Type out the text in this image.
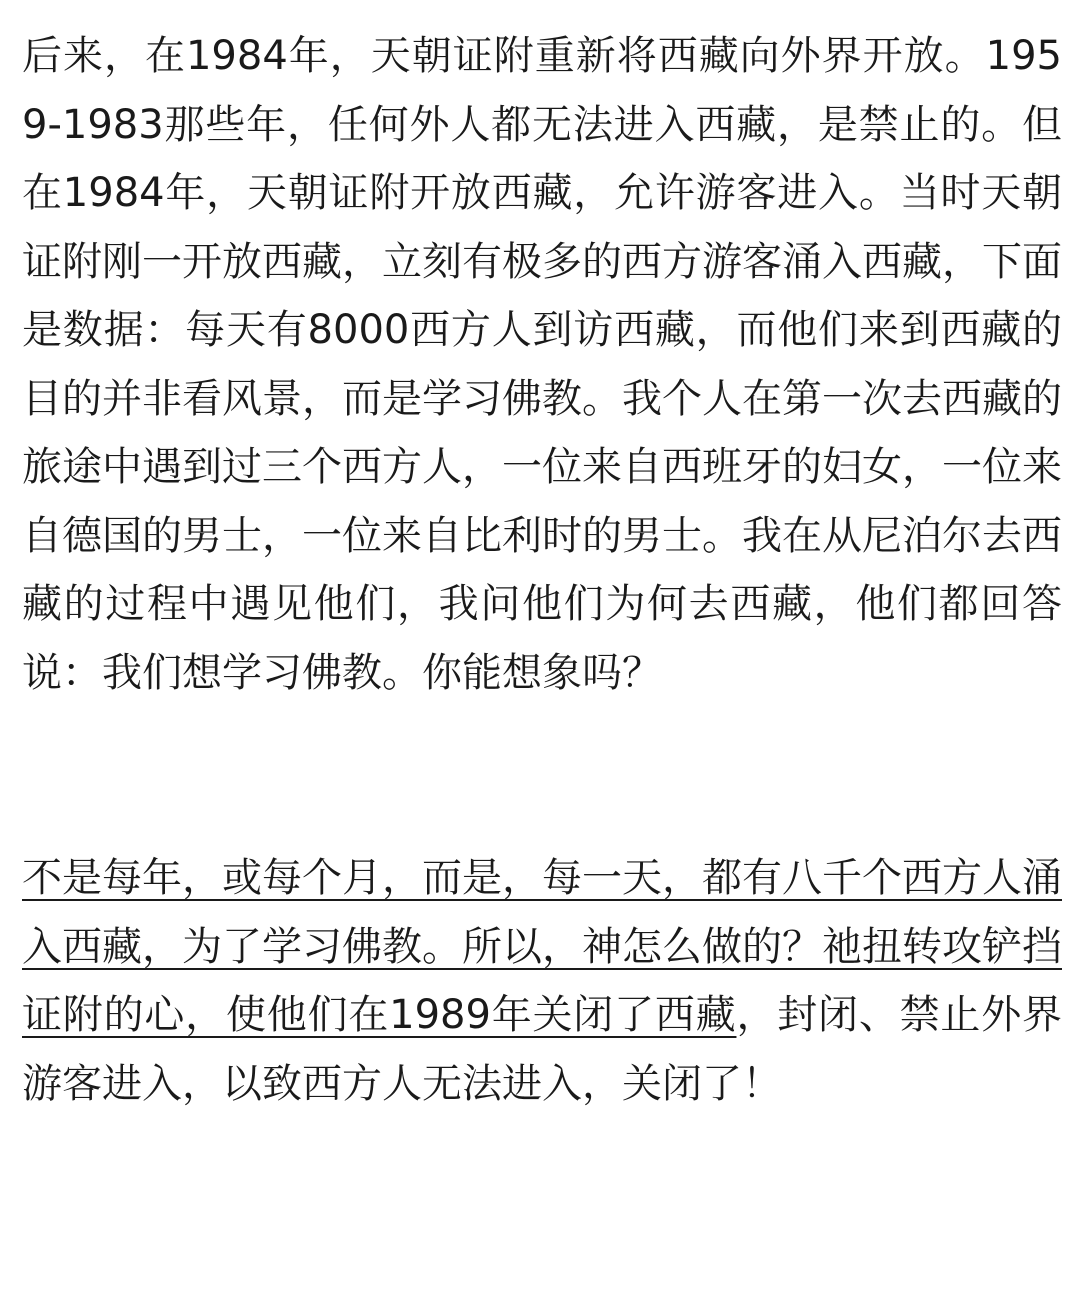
后来，在1984年，天朝证附重新将西藏向外界开放。1959-1983那些年，任何外人都无法进入西藏，是禁止的。但在1984年，天朝证附开放西藏，允许游客进入。当时天朝证附刚一开放西藏，立刻有极多的西方游客涌入西藏，下面是数据：每天有8000西方人到访西藏，而他们来到西藏的目的并非看风景，而是学习佛教。我个人在第一次去西藏的旅途中遇到过三个西方人，一位来自西班牙的妇女，一位来自德国的男士，一位来自比利时的男士。我在从尼泊尔去西藏的过程中遇见他们，我问他们为何去西藏，他们都回答说：我们想学习佛教。你能想象吗？

不是每年，或每个月，而是，每一天，都有八千个西方人涌入西藏，为了学习佛教。所以，神怎么做的？祂扭转攻铲挡证附的心，使他们在1989年关闭了西藏，封闭、禁止外界游客进入，以致西方人无法进入，关闭了！
